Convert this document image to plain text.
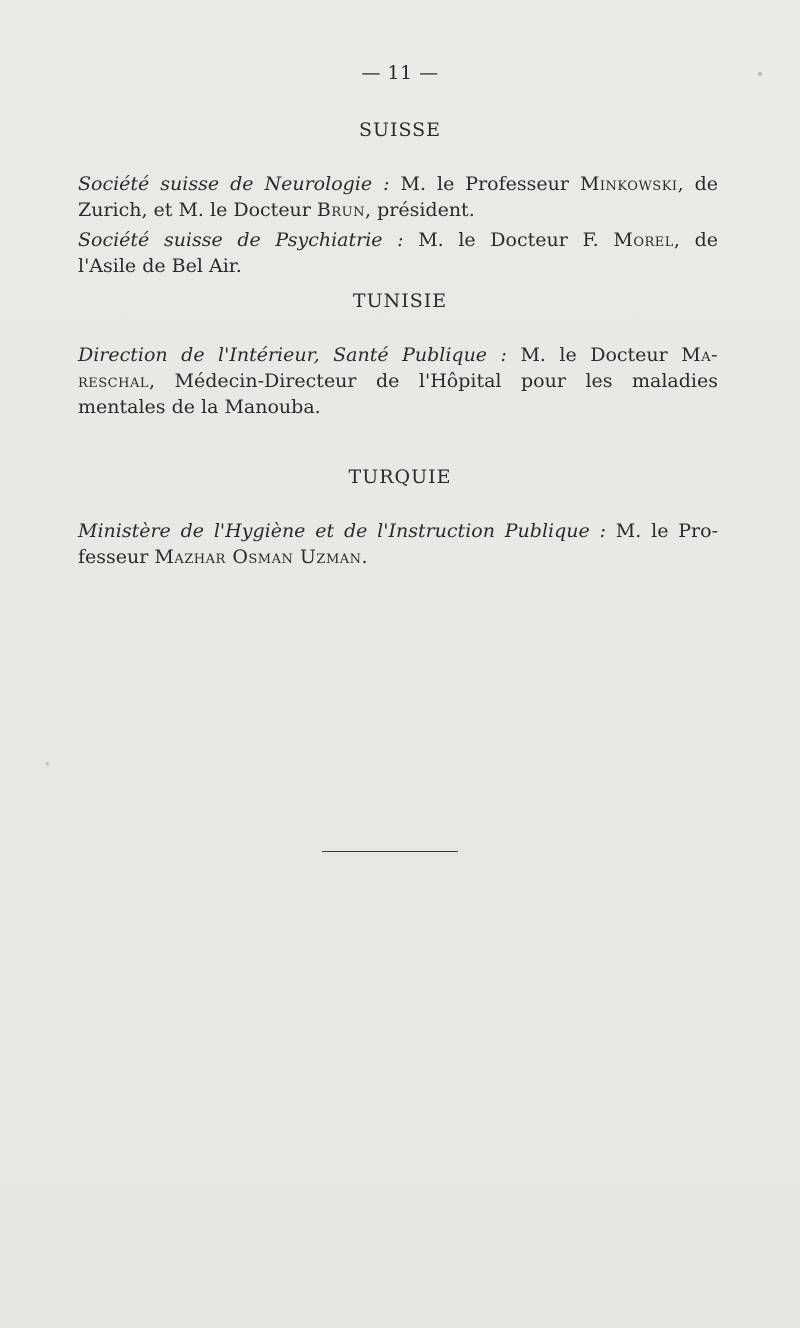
— 11 —
SUISSE
Société suisse de Neurologie : M. le Professeur Minkowski, de
Zurich, et M. le Docteur Brun, président.
Société suisse de Psychiatrie : M. le Docteur F. Morel, de
l'Asile de Bel Air.
TUNISIE
Direction de l'Intérieur, Santé Publique : M. le Docteur Ma-
reschal, Médecin-Directeur de l'Hôpital pour les maladies
mentales de la Manouba.
TURQUIE
Ministère de l'Hygiène et de l'Instruction Publique : M. le Pro-
fesseur Mazhar Osman Uzman.
